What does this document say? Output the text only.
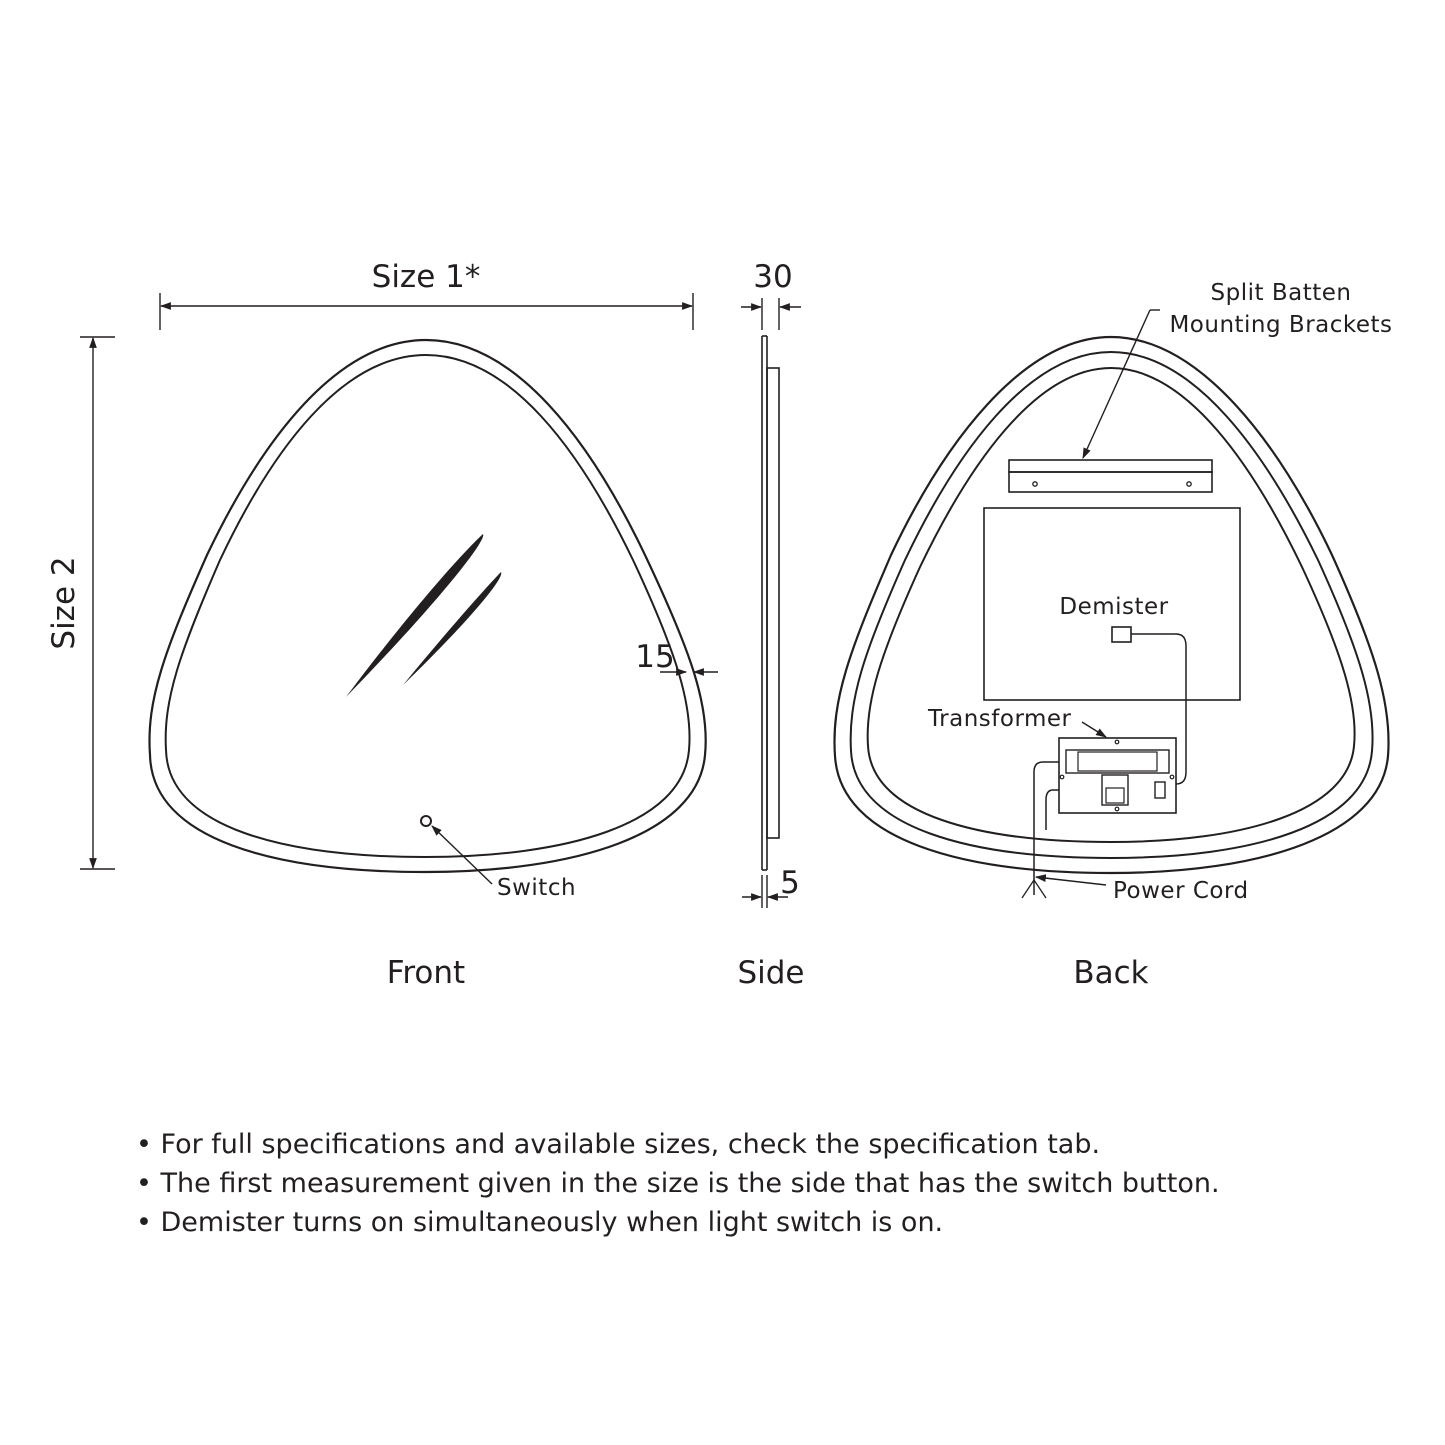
Size 1*
Size 2
15
Switch
Front
30
5
Side
Split Batten
Mounting Brackets
Demister
Transformer
Power Cord
Back
• For full specifications and available sizes, check the specification tab.
• The first measurement given in the size is the side that has the switch button.
• Demister turns on simultaneously when light switch is on.
